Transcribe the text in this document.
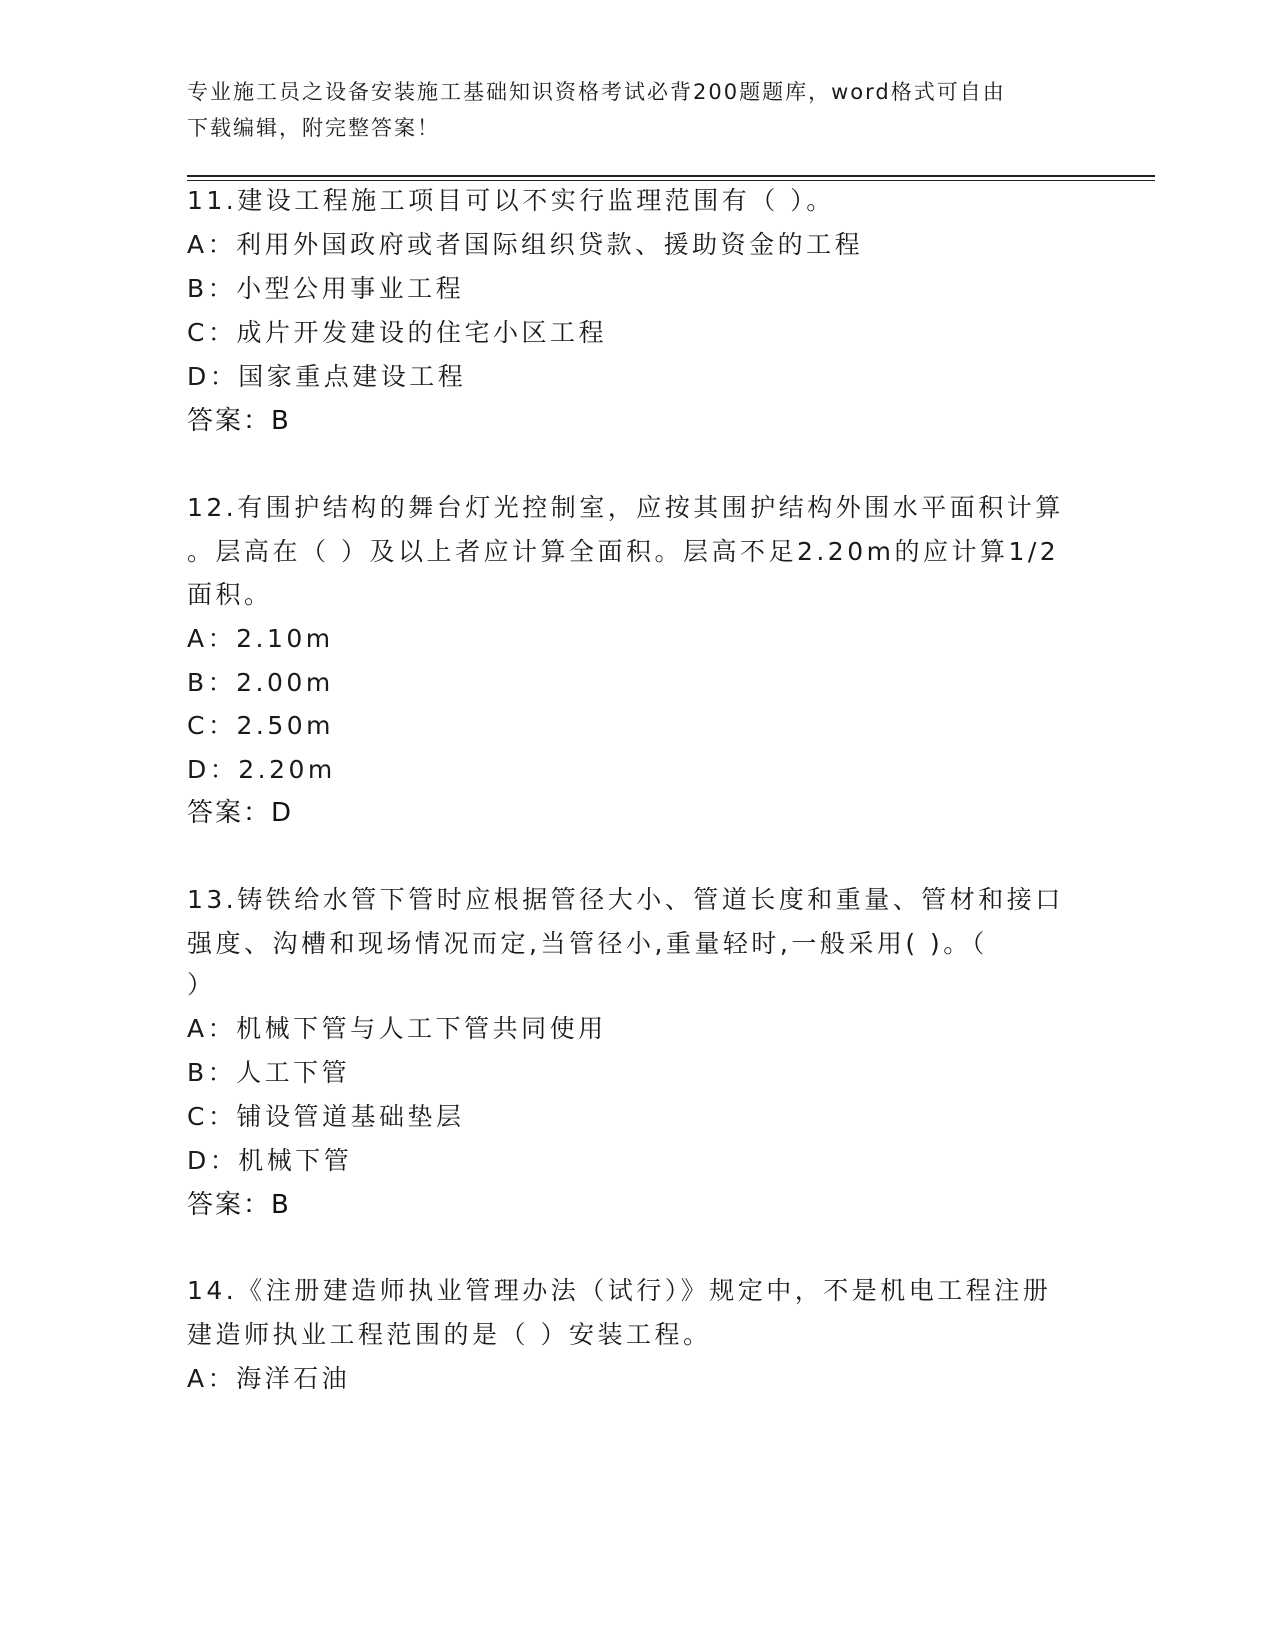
专业施工员之设备安装施工基础知识资格考试必背200题题库，word格式可自由
下载编辑，附完整答案！
11.建设工程施工项目可以不实行监理范围有（ ）。
A：利用外国政府或者国际组织贷款、援助资金的工程
B：小型公用事业工程
C：成片开发建设的住宅小区工程
D：国家重点建设工程
答案：B
12.有围护结构的舞台灯光控制室，应按其围护结构外围水平面积计算
。层高在（ ）及以上者应计算全面积。层高不足2.20m的应计算1/2
面积。
A：2.10m
B：2.00m
C：2.50m
D：2.20m
答案：D
13.铸铁给水管下管时应根据管径大小、管道长度和重量、管材和接口
强度、沟槽和现场情况而定,当管径小,重量轻时,一般采用( )。（
）
A：机械下管与人工下管共同使用
B：人工下管
C：铺设管道基础垫层
D：机械下管
答案：B
14.《注册建造师执业管理办法（试行）》规定中，不是机电工程注册
建造师执业工程范围的是（ ）安装工程。
A：海洋石油
